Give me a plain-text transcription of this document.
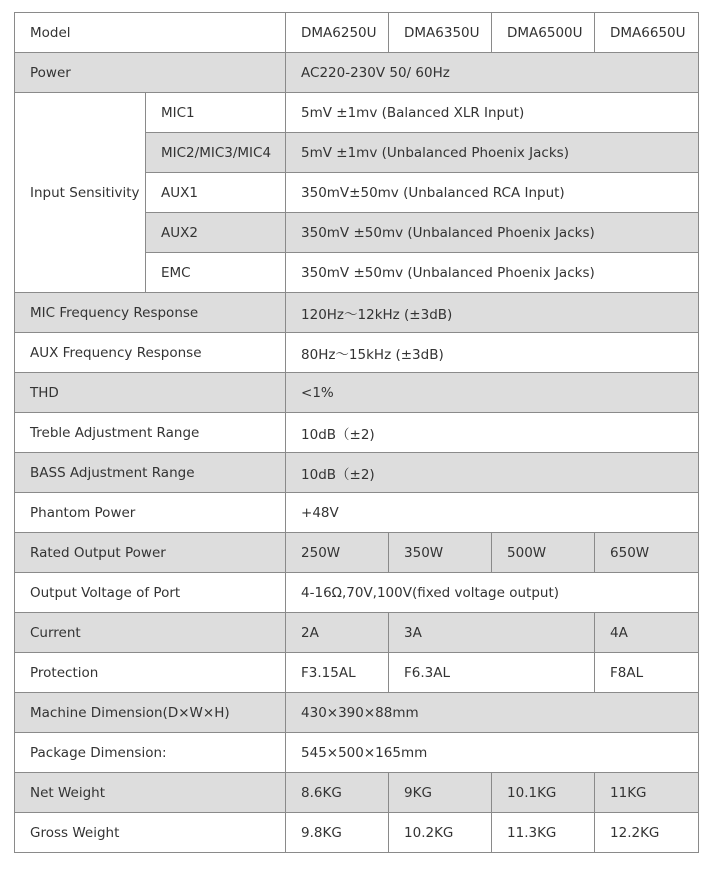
Model		DMA6250U	DMA6350U	DMA6500U	DMA6650U
Power		AC220-230V 50/ 60Hz			
Input Sensitivity	MIC1	5mV ±1mv (Balanced XLR Input)			
	MIC2/MIC3/MIC4	5mV ±1mv (Unbalanced Phoenix Jacks)			
	AUX1	350mV±50mv (Unbalanced RCA Input)			
	AUX2	350mV ±50mv (Unbalanced Phoenix Jacks)			
	EMC	350mV ±50mv (Unbalanced Phoenix Jacks)			
MIC Frequency Response		120Hz～12kHz (±3dB)			
AUX Frequency Response		80Hz～15kHz (±3dB)			
THD		<1%			
Treble Adjustment Range		10dB（±2)			
BASS Adjustment Range		10dB（±2)			
Phantom Power		+48V			
Rated Output Power		250W	350W	500W	650W
Output Voltage of Port		4-16Ω,70V,100V(fixed voltage output)			
Current		2A	3A		4A
Protection		F3.15AL	F6.3AL		F8AL
Machine Dimension(D×W×H)		430×390×88mm			
Package Dimension:		545×500×165mm			
Net Weight		8.6KG	9KG	10.1KG	11KG
Gross Weight		9.8KG	10.2KG	11.3KG	12.2KG
